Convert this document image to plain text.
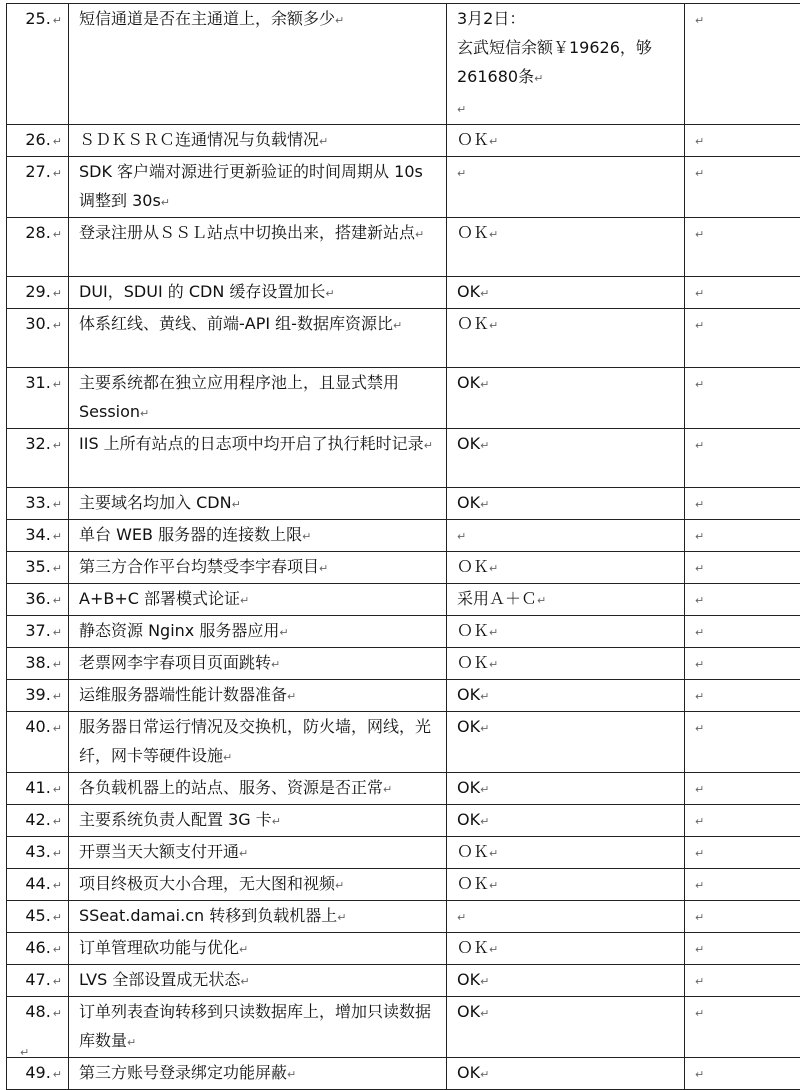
25. ↵	短信通道是否在主通道上，余额多少↵	3月2日：
玄武短信余额￥19626，够
261680条↵
↵	↵
26. ↵	ＳＤＫＳＲＣ连通情况与负载情况↵	ＯＫ↵	↵
27. ↵	SDK 客户端对源进行更新验证的时间周期从 10s 调整到 30s↵	↵	↵
28. ↵	登录注册从ＳＳＬ站点中切换出来，搭建新站点↵	ＯＫ↵	↵
29. ↵	DUI，SDUI 的 CDN 缓存设置加长↵	OK↵	↵
30. ↵	体系红线、黄线、前端-API 组-数据库资源比↵	ＯＫ↵	↵
31. ↵	主要系统都在独立应用程序池上，且显式禁用 Session↵	OK↵	↵
32. ↵	IIS 上所有站点的日志项中均开启了执行耗时记录↵	OK↵	↵
33. ↵	主要域名均加入 CDN↵	OK↵	↵
34. ↵	单台 WEB 服务器的连接数上限↵	↵	↵
35. ↵	第三方合作平台均禁受李宇春项目↵	ＯＫ↵	↵
36. ↵	A+B+C 部署模式论证↵	采用Ａ＋Ｃ↵	↵
37. ↵	静态资源 Nginx 服务器应用↵	ＯＫ↵	↵
38. ↵	老票网李宇春项目页面跳转↵	ＯＫ↵	↵
39. ↵	运维服务器端性能计数器准备↵	OK↵	↵
40. ↵	服务器日常运行情况及交换机，防火墙，网线，光纤，网卡等硬件设施↵	OK↵	↵
41. ↵	各负载机器上的站点、服务、资源是否正常↵	OK↵	↵
42. ↵	主要系统负责人配置 3G 卡↵	OK↵	↵
43. ↵	开票当天大额支付开通↵	ＯＫ↵	↵
44. ↵	项目终极页大小合理，无大图和视频↵	ＯＫ↵	↵
45. ↵	SSeat.damai.cn 转移到负载机器上↵	↵	↵
46. ↵	订单管理砍功能与优化↵	ＯＫ↵	↵
47. ↵	LVS 全部设置成无状态↵	OK↵	↵
48. ↵	订单列表查询转移到只读数据库上，增加只读数据库数量↵	OK↵	↵
49. ↵	第三方账号登录绑定功能屏蔽↵	OK↵	↵
↵
